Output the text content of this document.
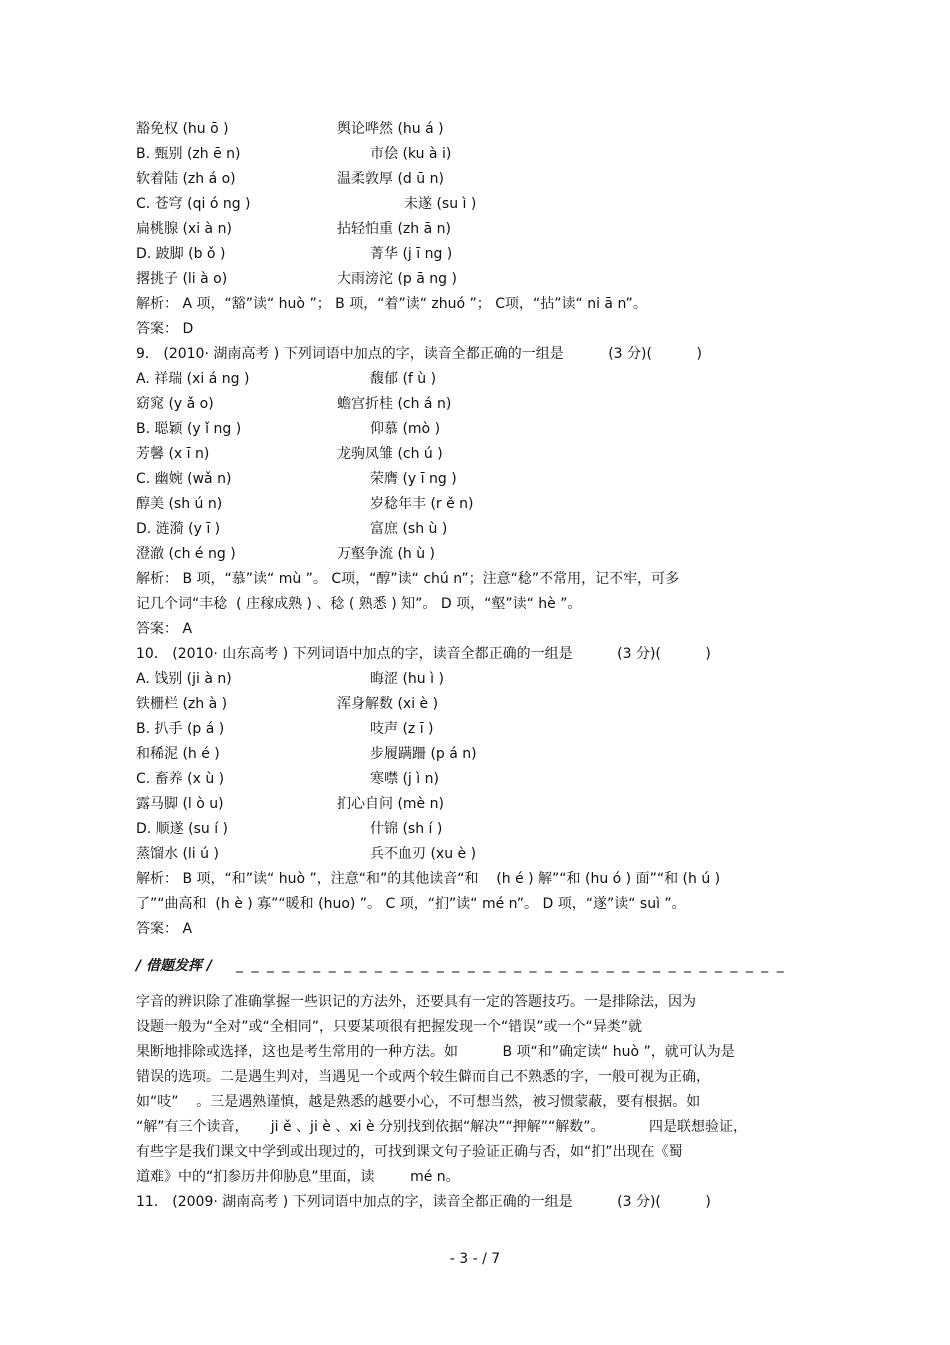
豁免权 (hu ō )	舆论哗然 (hu á )
B. 甄别 (zh ē n)	市侩 (ku à i)
软着陆 (zh á o)	温柔敦厚 (d ū n)
C. 苍穹 (qi ó ng )	未遂 (su ì )
扁桃腺 (xi à n)	拈轻怕重 (zh ā n)
D. 跛脚 (b ǒ )	菁华 (j ī ng )
撂挑子 (li à o)	大雨滂沱 (p ā ng )
解析： A 项，“豁”读“ huò ”； B 项，“着”读“ zhuó ”； C项，“拈”读“ ni ā n”。
答案： D
9． (2010· 湖南高考 ) 下列词语中加点的字，读音全都正确的一组是          (3 分)(          )
A. 祥瑞 (xi á ng )	馥郁 (f ù )
窈窕 (y ǎ o)	蟾宫折桂 (ch á n)
B. 聪颖 (y ǐ ng )	仰慕 (mò )
芳馨 (x ī n)	龙驹凤雏 (ch ú )
C. 幽婉 (wǎ n)	荣膺 (y ī ng )
醇美 (sh ú n)	岁稔年丰 (r ě n)
D. 涟漪 (y ī )	富庶 (sh ù )
澄澈 (ch é ng )	万壑争流 (h ù )
解析： B 项，“慕”读“ mù ”。 C项，“醇”读“ chú n”；注意“稔”不常用，记不牢，可多
记几个词“丰稔  ( 庄稼成熟 ) 、稔 ( 熟悉 ) 知”。 D 项，“壑”读“ hè ”。
答案： A
10． (2010· 山东高考 ) 下列词语中加点的字，读音全都正确的一组是          (3 分)(          )
A. 饯别 (ji à n)	晦涩 (hu ì )
铁栅栏 (zh à )	浑身解数 (xi è )
B. 扒手 (p á )	吱声 (z ī )
和稀泥 (h é )	步履蹒跚 (p á n)
C. 畜养 (x ù )	寒噤 (j ì n)
露马脚 (l ò u)	扪心自问 (mè n)
D. 顺遂 (su í )	什锦 (sh í )
蒸馏水 (li ú )	兵不血刃 (xu è )
解析： B 项，“和”读“ huò ”，注意“和”的其他读音“和    (h é ) 解”“和 (hu ó ) 面”“和 (h ú )
了”“曲高和  (h è ) 寡”“暖和 (huo) ”。 C 项，“扪”读“ mé n”。 D 项，“遂”读“ suì ”。
答案： A
/ 借题发挥 / _ _ _ _ _ _ _ _ _ _ _ _ _ _ _ _ _ _ _ _ _ _ _ _ _ _ _ _ _ _ _ _ _ _ _ _
字音的辨识除了准确掌握一些识记的方法外，还要具有一定的答题技巧。一是排除法，因为
设题一般为“全对”或“全相同”，只要某项很有把握发现一个“错误”或一个“异类”就
果断地排除或选择，这也是考生常用的一种方法。如          B 项“和”确定读“ huò ”，就可认为是
错误的选项。二是遇生判对，当遇见一个或两个较生僻而自己不熟悉的字，一般可视为正确，
如“吱”    。三是遇熟谨慎，越是熟悉的越要小心，不可想当然，被习惯蒙蔽，要有根据。如
“解”有三个读音，     ji ě 、ji è 、xi è 分别找到依据“解决”“押解”“解数”。          四是联想验证，
有些字是我们课文中学到或出现过的，可找到课文句子验证正确与否，如“扪”出现在《蜀
道难》中的“扪参历井仰胁息”里面，读        mé n。
11． (2009· 湖南高考 ) 下列词语中加点的字，读音全都正确的一组是          (3 分)(          )
- 3 - / 7
